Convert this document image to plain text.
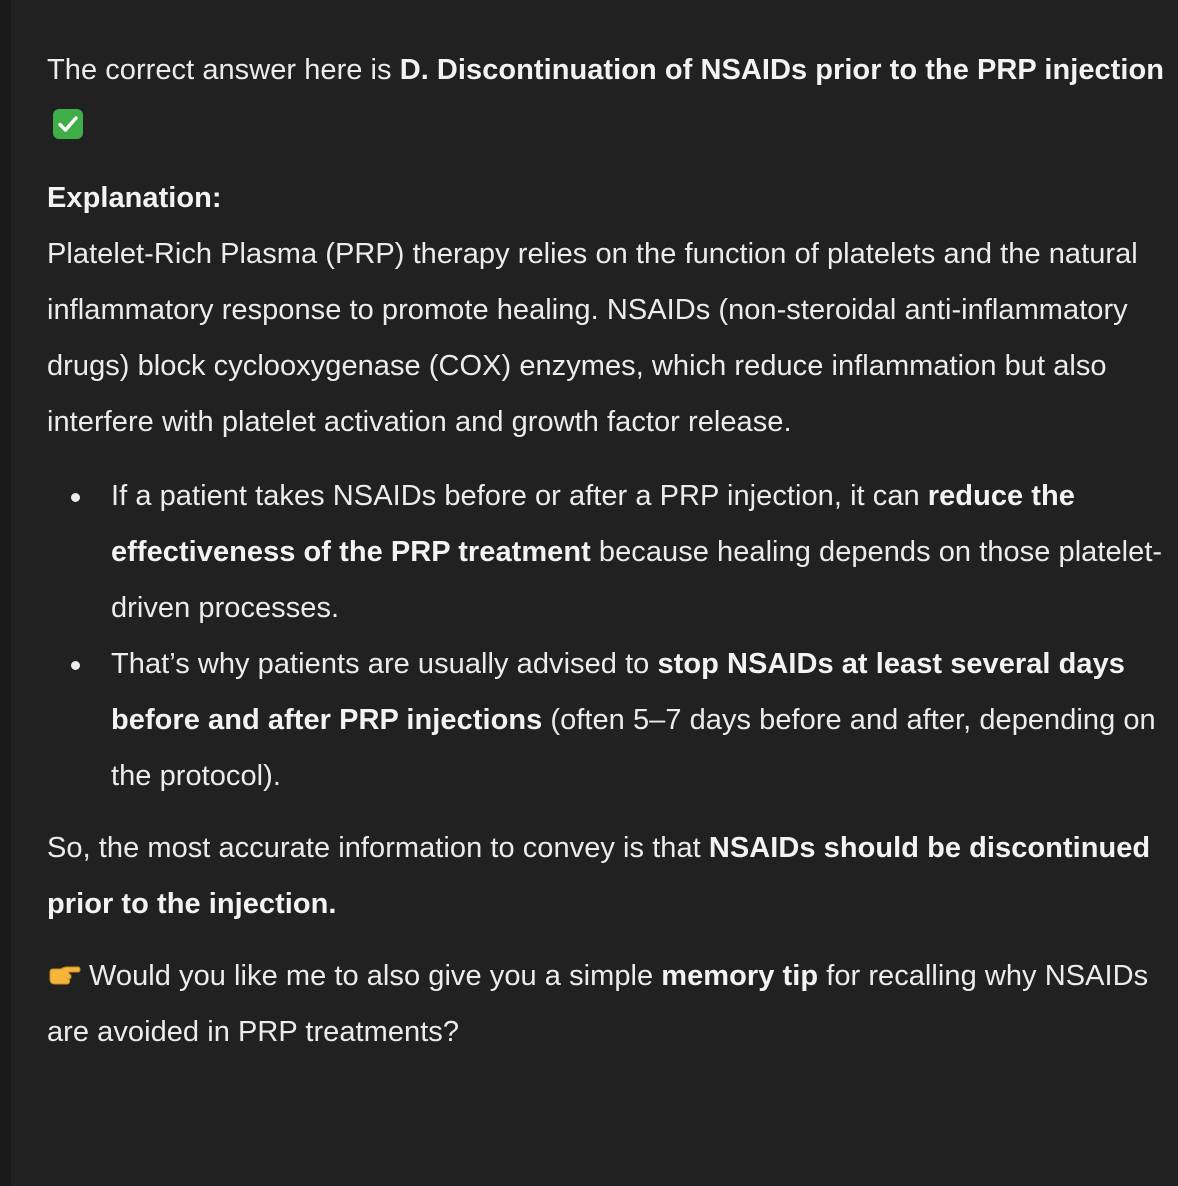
The correct answer here is D. Discontinuation of NSAIDs prior to the PRP injection

Explanation:

Platelet-Rich Plasma (PRP) therapy relies on the function of platelets and the natural inflammatory response to promote healing. NSAIDs (non-steroidal anti-inflammatory drugs) block cyclooxygenase (COX) enzymes, which reduce inflammation but also interfere with platelet activation and growth factor release.

If a patient takes NSAIDs before or after a PRP injection, it can reduce the effectiveness of the PRP treatment because healing depends on those platelet-driven processes.
That’s why patients are usually advised to stop NSAIDs at least several days before and after PRP injections (often 5–7 days before and after, depending on the protocol).

So, the most accurate information to convey is that NSAIDs should be discontinued prior to the injection.

Would you like me to also give you a simple memory tip for recalling why NSAIDs are avoided in PRP treatments?
